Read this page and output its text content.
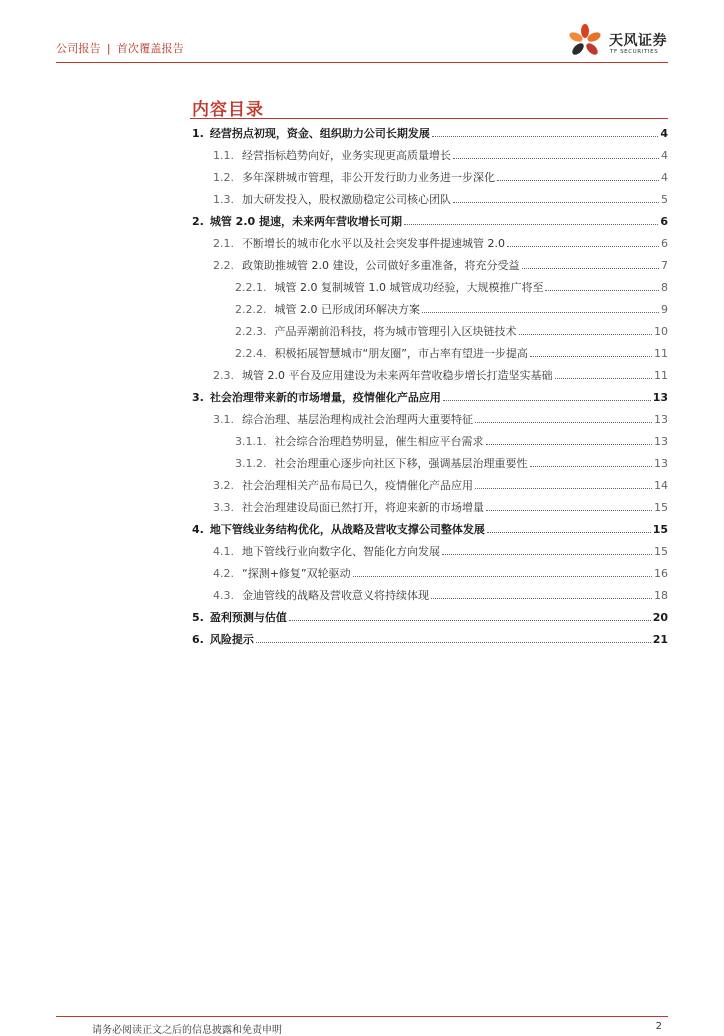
公司报告 | 首次覆盖报告	天风证券
TF SECURITIES
内容目录
1. 经营拐点初现，资金、组织助力公司长期发展	4
1.1. 经营指标趋势向好，业务实现更高质量增长	4
1.2. 多年深耕城市管理，非公开发行助力业务进一步深化	4
1.3. 加大研发投入，股权激励稳定公司核心团队	5
2. 城管 2.0 提速，未来两年营收增长可期	6
2.1. 不断增长的城市化水平以及社会突发事件提速城管 2.0	6
2.2. 政策助推城管 2.0 建设，公司做好多重准备，将充分受益	7
2.2.1. 城管 2.0 复制城管 1.0 城管成功经验，大规模推广将至	8
2.2.2. 城管 2.0 已形成闭环解决方案	9
2.2.3. 产品弄潮前沿科技，将为城市管理引入区块链技术	10
2.2.4. 积极拓展智慧城市“朋友圈”，市占率有望进一步提高	11
2.3. 城管 2.0 平台及应用建设为未来两年营收稳步增长打造坚实基础	11
3. 社会治理带来新的市场增量，疫情催化产品应用	13
3.1. 综合治理、基层治理构成社会治理两大重要特征	13
3.1.1. 社会综合治理趋势明显，催生相应平台需求	13
3.1.2. 社会治理重心逐步向社区下移，强调基层治理重要性	13
3.2. 社会治理相关产品布局已久，疫情催化产品应用	14
3.3. 社会治理建设局面已然打开，将迎来新的市场增量	15
4. 地下管线业务结构优化，从战略及营收支撑公司整体发展	15
4.1. 地下管线行业向数字化、智能化方向发展	15
4.2. “探测+修复”双轮驱动	16
4.3. 金迪管线的战略及营收意义将持续体现	18
5. 盈利预测与估值	20
6. 风险提示	21
请务必阅读正文之后的信息披露和免责申明	2
